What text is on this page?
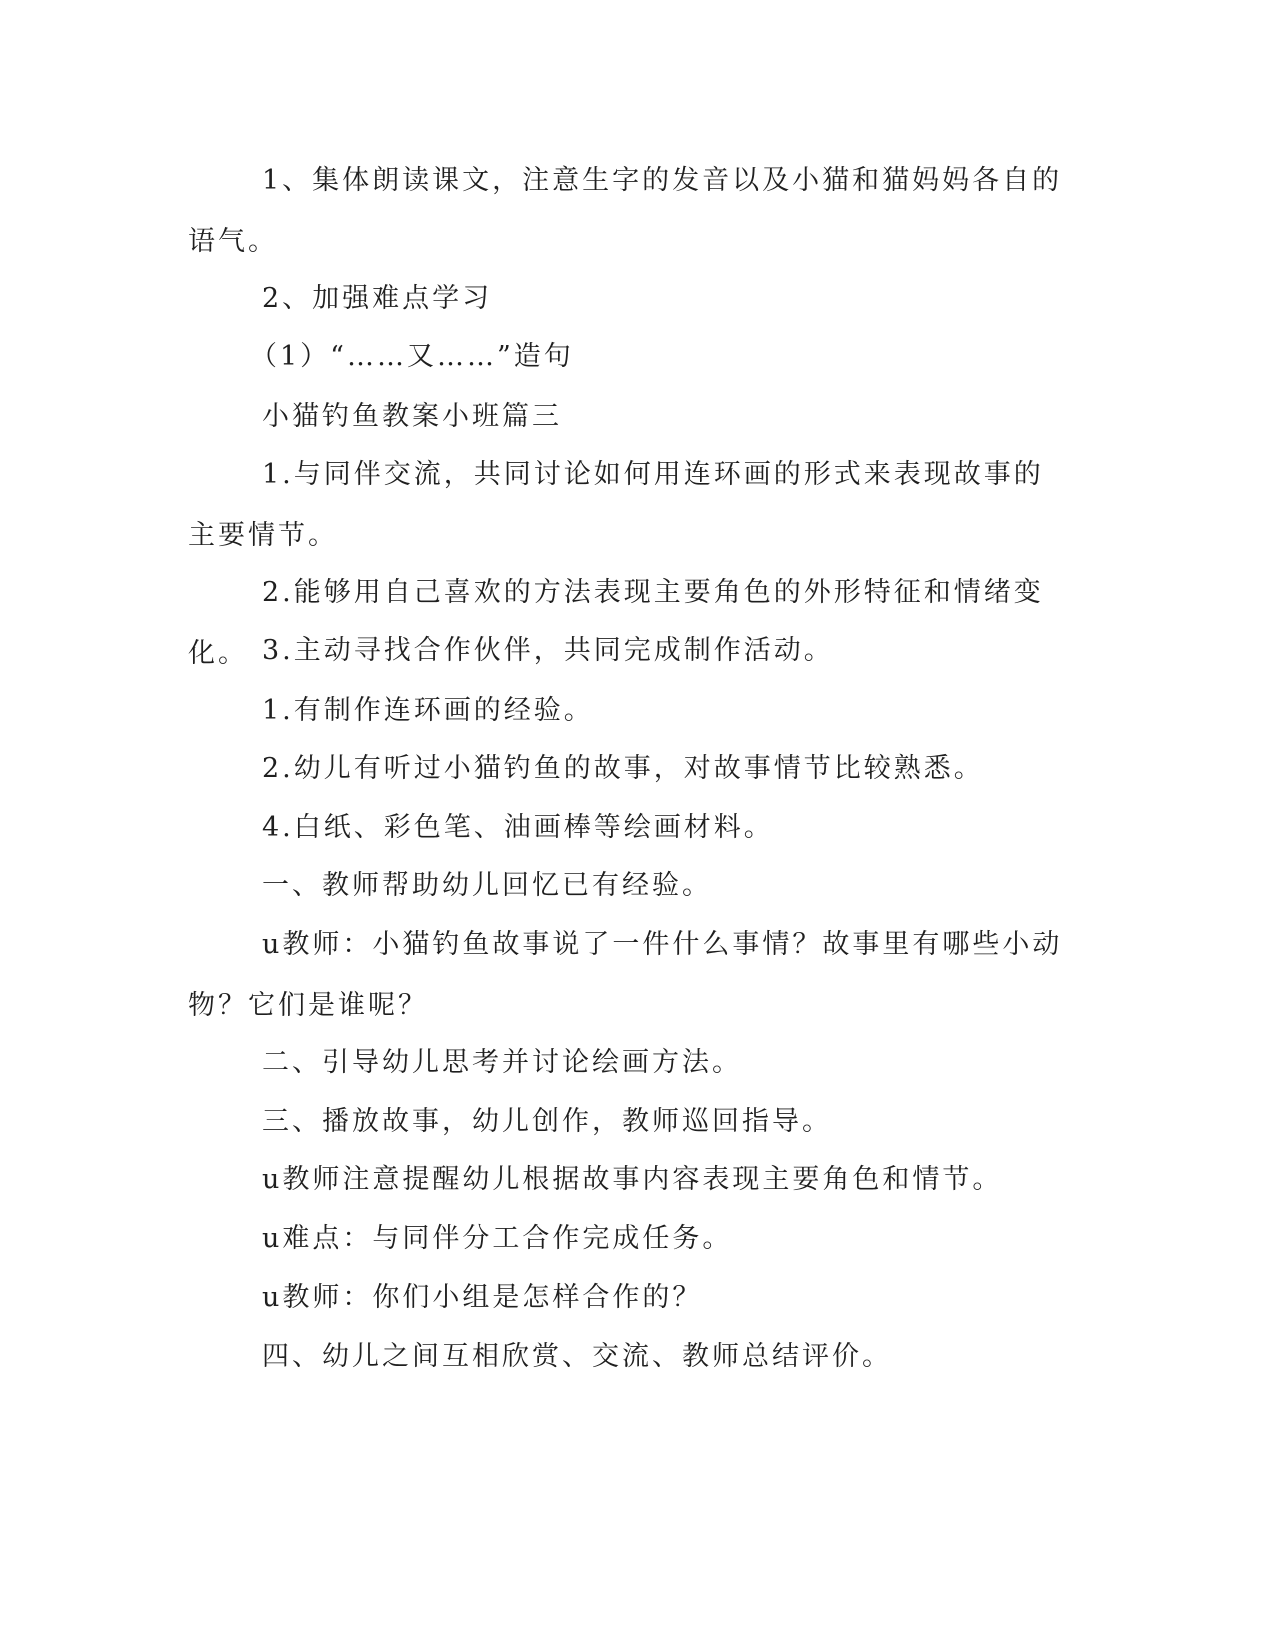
1、集体朗读课文，注意生字的发音以及小猫和猫妈妈各自的语气。

2、加强难点学习

（1）“……又……”造句

小猫钓鱼教案小班篇三

1.与同伴交流，共同讨论如何用连环画的形式来表现故事的主要情节。

2.能够用自己喜欢的方法表现主要角色的外形特征和情绪变化。 3.主动寻找合作伙伴，共同完成制作活动。

1.有制作连环画的经验。

2.幼儿有听过小猫钓鱼的故事，对故事情节比较熟悉。

4.白纸、彩色笔、油画棒等绘画材料。

一、教师帮助幼儿回忆已有经验。

u教师：小猫钓鱼故事说了一件什么事情？故事里有哪些小动物？它们是谁呢？

二、引导幼儿思考并讨论绘画方法。

三、播放故事，幼儿创作，教师巡回指导。

u教师注意提醒幼儿根据故事内容表现主要角色和情节。

u难点：与同伴分工合作完成任务。

u教师：你们小组是怎样合作的？

四、幼儿之间互相欣赏、交流、教师总结评价。
